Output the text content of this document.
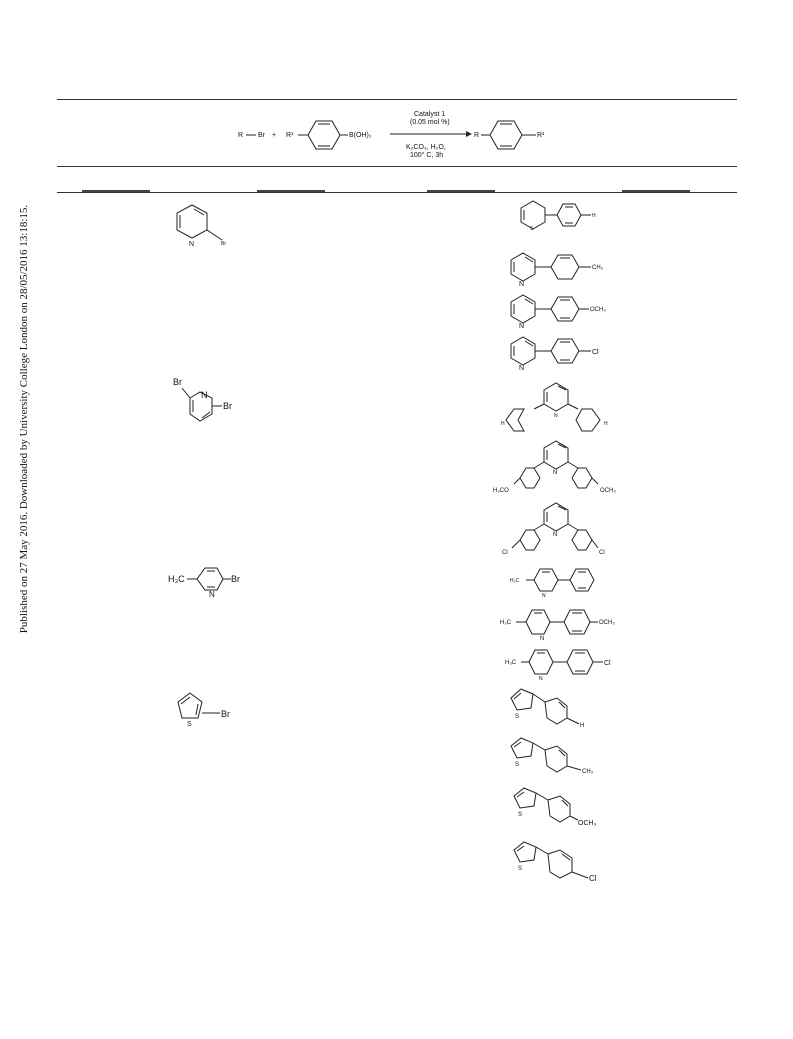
Published on 27 May 2016. Downloaded by University College London on 28/05/2016 13:18:15.
R Br + R¹	B(OH)₂
Catalyst 1
(0.05 mol %)
K₂CO₃, H₂O,
100° C, 3h
R	R¹
N	Br
Br
N
Br
H₃C	Br
N
S
Br
S
H
N
CH₃
N
OCH₃
N
Cl
N
H	H
N
H₃CO	OCH₃
N
Cl	Cl
H₃C
N
H₃C
N
OCH₃
H₃C
N
Cl
S
H
S
CH₃
S
OCH₃
S
Cl
